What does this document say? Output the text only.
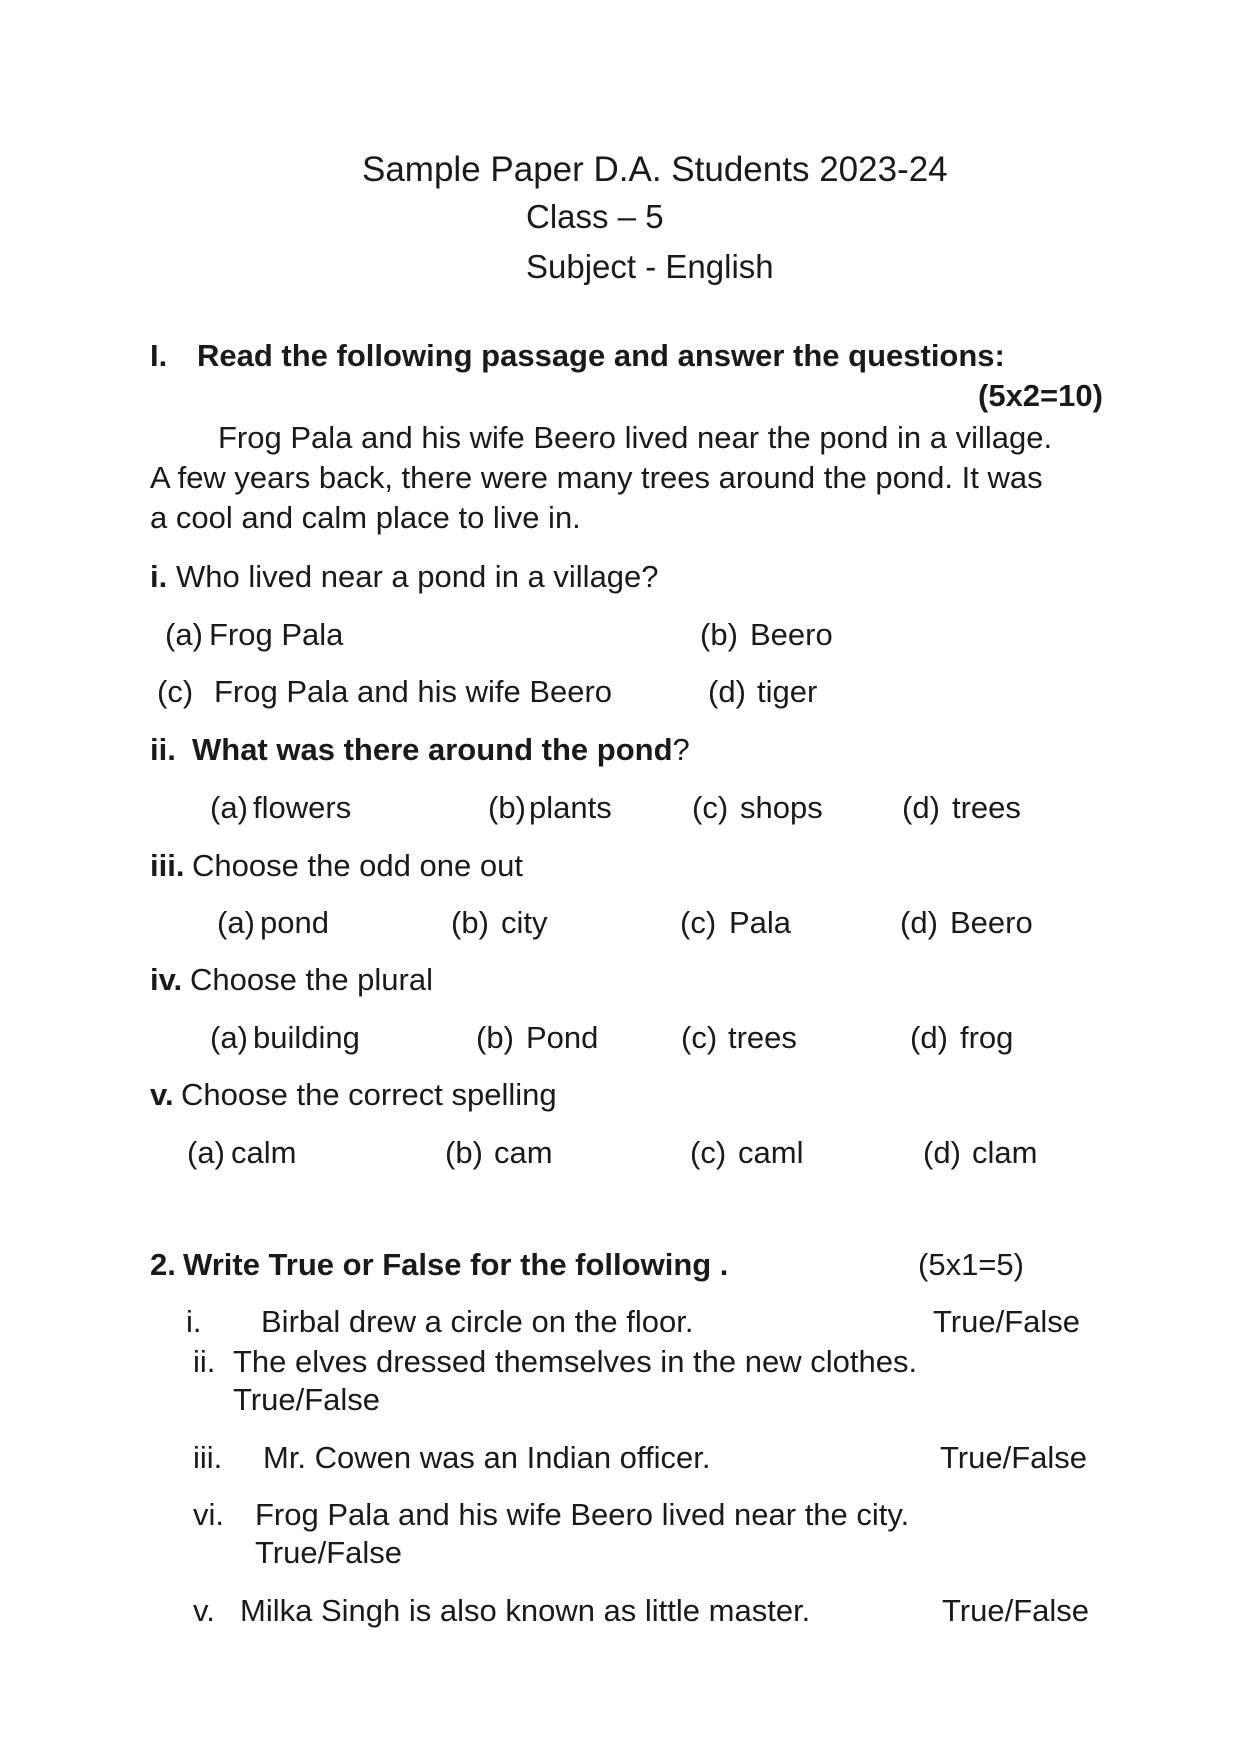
Sample Paper D.A. Students 2023-24
Class – 5
Subject - English
I. Read the following passage and answer the questions:
(5x2=10)
Frog Pala and his wife Beero lived near the pond in a village.
A few years back, there were many trees around the pond. It was
a cool and calm place to live in.
i. Who lived near a pond in a village?
(a) Frog Pala	(b) Beero
(c) Frog Pala and his wife Beero	(d) tiger
ii. What was there around the pond?
(a) flowers	(b) plants	(c) shops	(d) trees
iii. Choose the odd one out
(a) pond	(b) city	(c) Pala	(d) Beero
iv. Choose the plural
(a) building	(b) Pond	(c) trees	(d) frog
v. Choose the correct spelling
(a) calm	(b) cam	(c) caml	(d) clam
2. Write True or False for the following .	(5x1=5)
i. Birbal drew a circle on the floor.	True/False
ii. The elves dressed themselves in the new clothes.
True/False
iii. Mr. Cowen was an Indian officer.	True/False
vi. Frog Pala and his wife Beero lived near the city.
True/False
v. Milka Singh is also known as little master.	True/False
